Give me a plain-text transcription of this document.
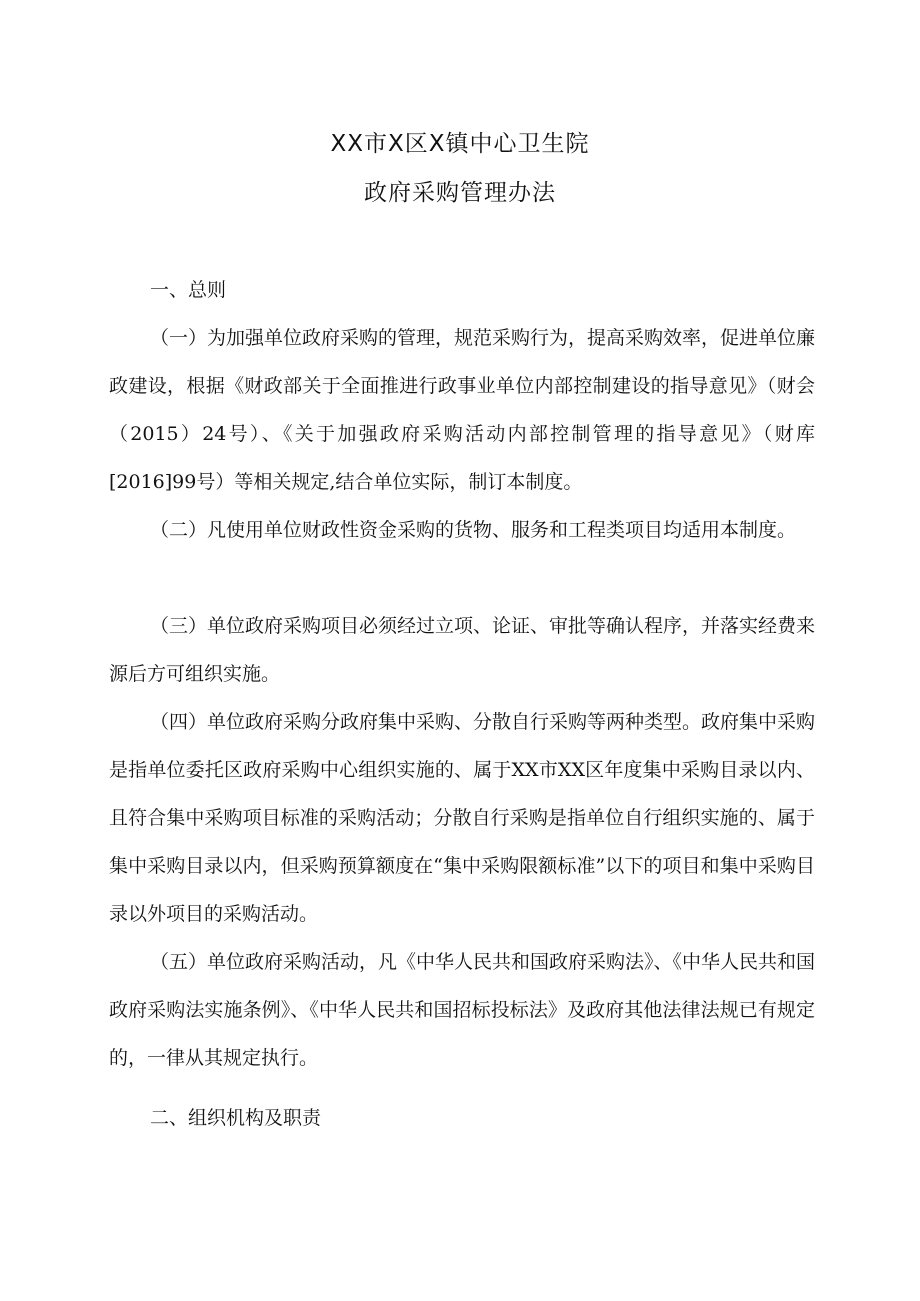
XX市X区X镇中心卫生院
政府采购管理办法
一、总则

（一）为加强单位政府采购的管理，规范采购行为，提高采购效率，促进单位廉政建设，根据《财政部关于全面推进行政事业单位内部控制建设的指导意见》（财会（2015）24号）、《关于加强政府采购活动内部控制管理的指导意见》（财库[2016]99号）等相关规定,结合单位实际，制订本制度。

（二）凡使用单位财政性资金采购的货物、服务和工程类项目均适用本制度。

（三）单位政府采购项目必须经过立项、论证、审批等确认程序，并落实经费来源后方可组织实施。

（四）单位政府采购分政府集中采购、分散自行采购等两种类型。政府集中采购是指单位委托区政府采购中心组织实施的、属于XX市XX区年度集中采购目录以内、且符合集中采购项目标准的采购活动；分散自行采购是指单位自行组织实施的、属于集中采购目录以内，但采购预算额度在“集中采购限额标准”以下的项目和集中采购目录以外项目的采购活动。

（五）单位政府采购活动，凡《中华人民共和国政府采购法》、《中华人民共和国政府采购法实施条例》、《中华人民共和国招标投标法》及政府其他法律法规已有规定的，一律从其规定执行。

二、组织机构及职责
